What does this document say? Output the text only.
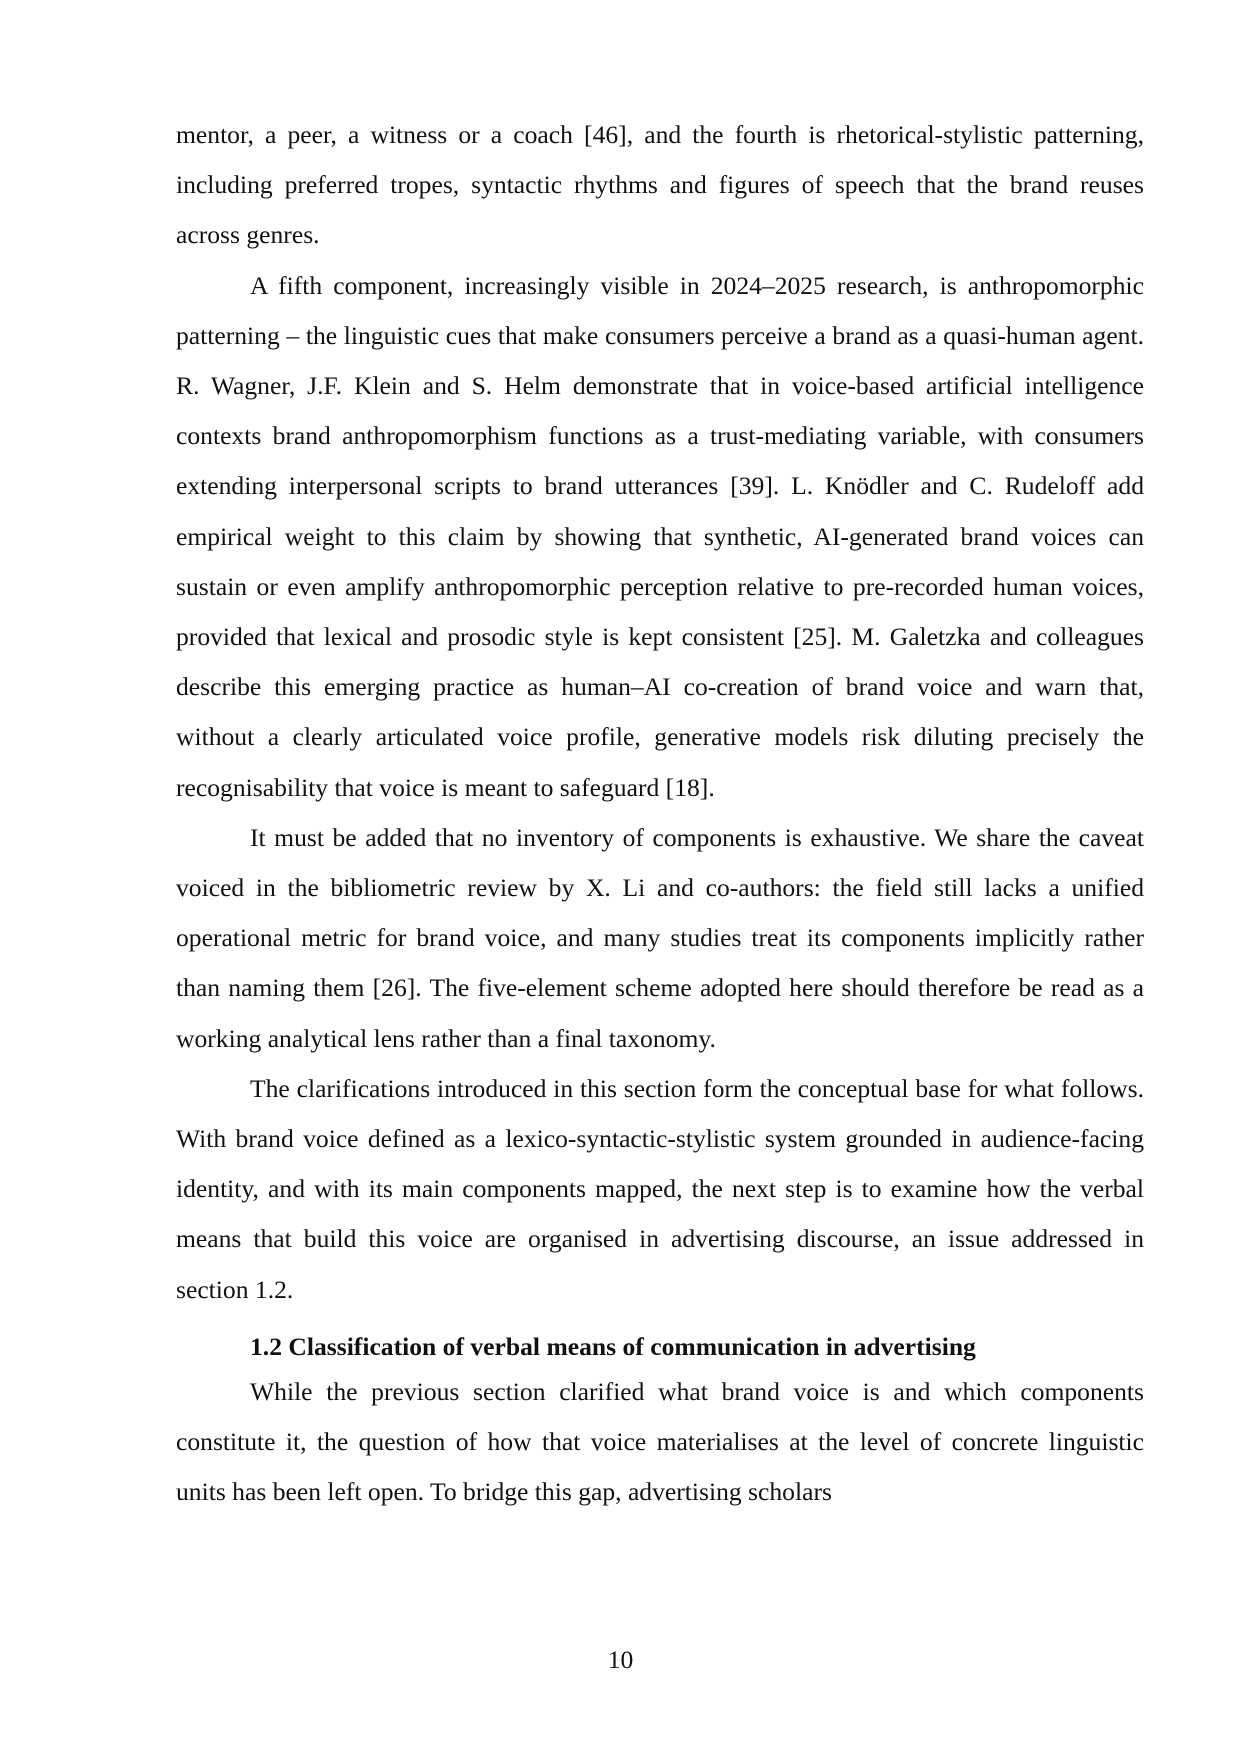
mentor, a peer, a witness or a coach [46], and the fourth is rhetorical-stylistic patterning, including preferred tropes, syntactic rhythms and figures of speech that the brand reuses across genres.

A fifth component, increasingly visible in 2024–2025 research, is anthropomorphic patterning – the linguistic cues that make consumers perceive a brand as a quasi-human agent. R. Wagner, J.F. Klein and S. Helm demonstrate that in voice-based artificial intelligence contexts brand anthropomorphism functions as a trust-mediating variable, with consumers extending interpersonal scripts to brand utterances [39]. L. Knödler and C. Rudeloff add empirical weight to this claim by showing that synthetic, AI-generated brand voices can sustain or even amplify anthropomorphic perception relative to pre-recorded human voices, provided that lexical and prosodic style is kept consistent [25]. M. Galetzka and colleagues describe this emerging practice as human–AI co-creation of brand voice and warn that, without a clearly articulated voice profile, generative models risk diluting precisely the recognisability that voice is meant to safeguard [18].

It must be added that no inventory of components is exhaustive. We share the caveat voiced in the bibliometric review by X. Li and co-authors: the field still lacks a unified operational metric for brand voice, and many studies treat its components implicitly rather than naming them [26]. The five-element scheme adopted here should therefore be read as a working analytical lens rather than a final taxonomy.

The clarifications introduced in this section form the conceptual base for what follows. With brand voice defined as a lexico-syntactic-stylistic system grounded in audience-facing identity, and with its main components mapped, the next step is to examine how the verbal means that build this voice are organised in advertising discourse, an issue addressed in section 1.2.

1.2 Classification of verbal means of communication in advertising

While the previous section clarified what brand voice is and which components constitute it, the question of how that voice materialises at the level of concrete linguistic units has been left open. To bridge this gap, advertising scholars

10
